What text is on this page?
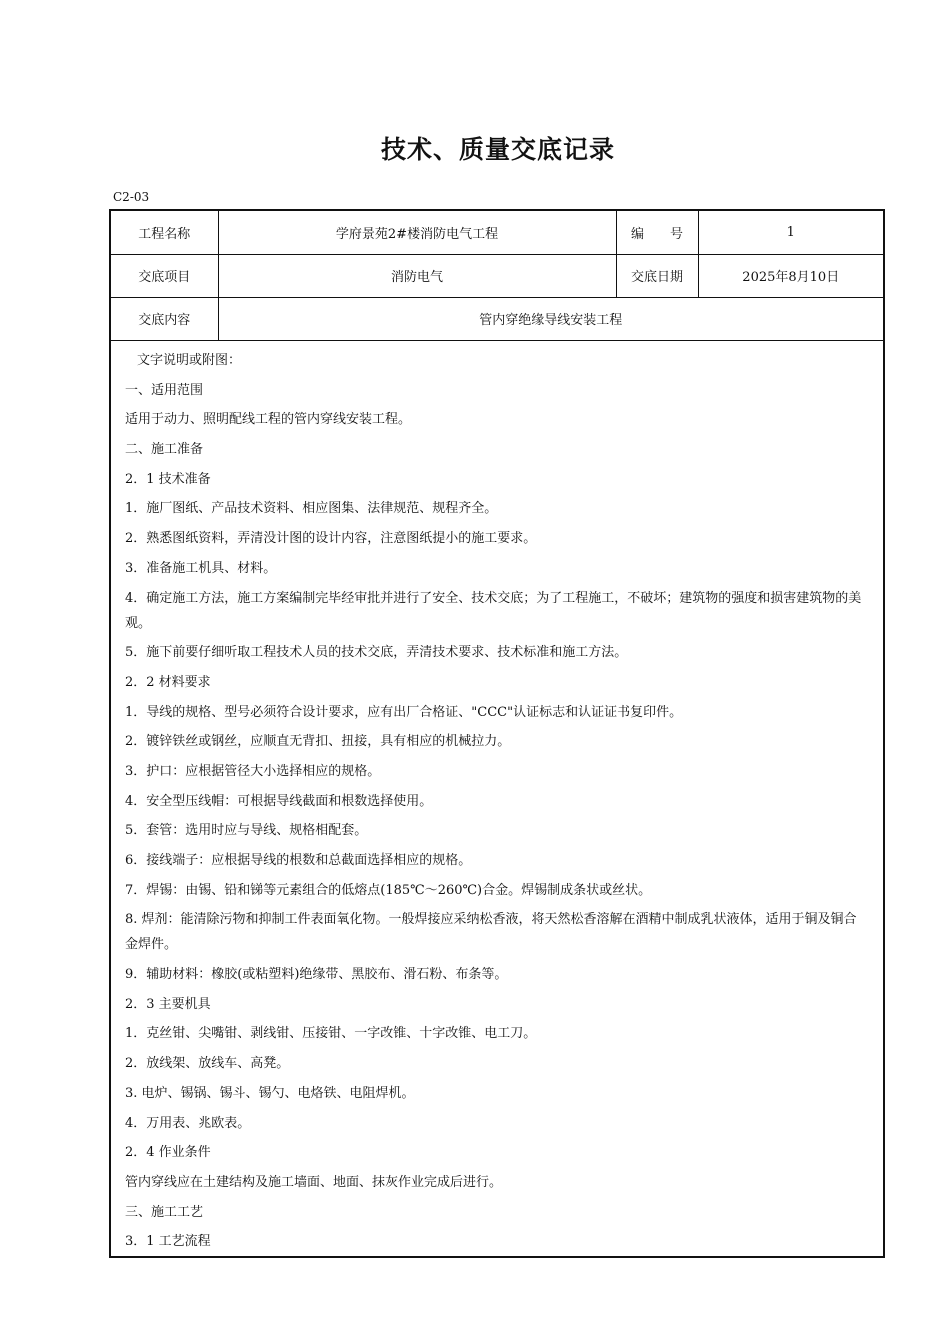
技术、质量交底记录
C2-03
工程名称	学府景苑2#楼消防电气工程	编　　号	1
交底项目	消防电气	交底日期	2025年8月10日
交底内容	管内穿绝缘导线安装工程		

文字说明或附图：

一、适用范围

适用于动力、照明配线工程的管内穿线安装工程。

二、施工准备

2．1 技术准备

1．施厂图纸、产品技术资料、相应图集、法律规范、规程齐全。

2．熟悉图纸资料，弄清没计图的设计内容，注意图纸提小的施工要求。

3．准备施工机具、材料。

4．确定施工方法，施工方案编制完毕经审批并进行了安全、技术交底；为了工程施工，不破坏；建筑物的强度和损害建筑物的美观。

5．施下前要仔细听取工程技术人员的技术交底，弄清技术要求、技术标准和施工方法。

2．2 材料要求

1．导线的规格、型号必须符合设计要求，应有出厂合格证、"CCC"认证标志和认证证书复印件。

2．镀锌铁丝或钢丝，应顺直无背扣、扭接，具有相应的机械拉力。

3．护口：应根据管径大小选择相应的规格。

4．安全型压线帽：可根据导线截面和根数选择使用。

5．套管：选用时应与导线、规格相配套。

6．接线端子：应根据导线的根数和总截面选择相应的规格。

7．焊锡：由锡、铅和锑等元素组合的低熔点(185℃～260℃)合金。焊锡制成条状或丝状。

8. 焊剂：能清除污物和抑制工件表面氧化物。一般焊接应采纳松香液，将天然松香溶解在酒精中制成乳状液体，适用于铜及铜合金焊件。

9．辅助材料：橡胶(或粘塑料)绝缘带、黑胶布、滑石粉、布条等。

2．3 主要机具

1．克丝钳、尖嘴钳、剥线钳、压接钳、一字改锥、十字改锥、电工刀。

2．放线架、放线车、高凳。

3. 电炉、锡锅、锡斗、锡勺、电烙铁、电阻焊机。

4．万用表、兆欧表。

2．4 作业条件

管内穿线应在土建结构及施工墙面、地面、抹灰作业完成后进行。

三、施工工艺

3．1 工艺流程
